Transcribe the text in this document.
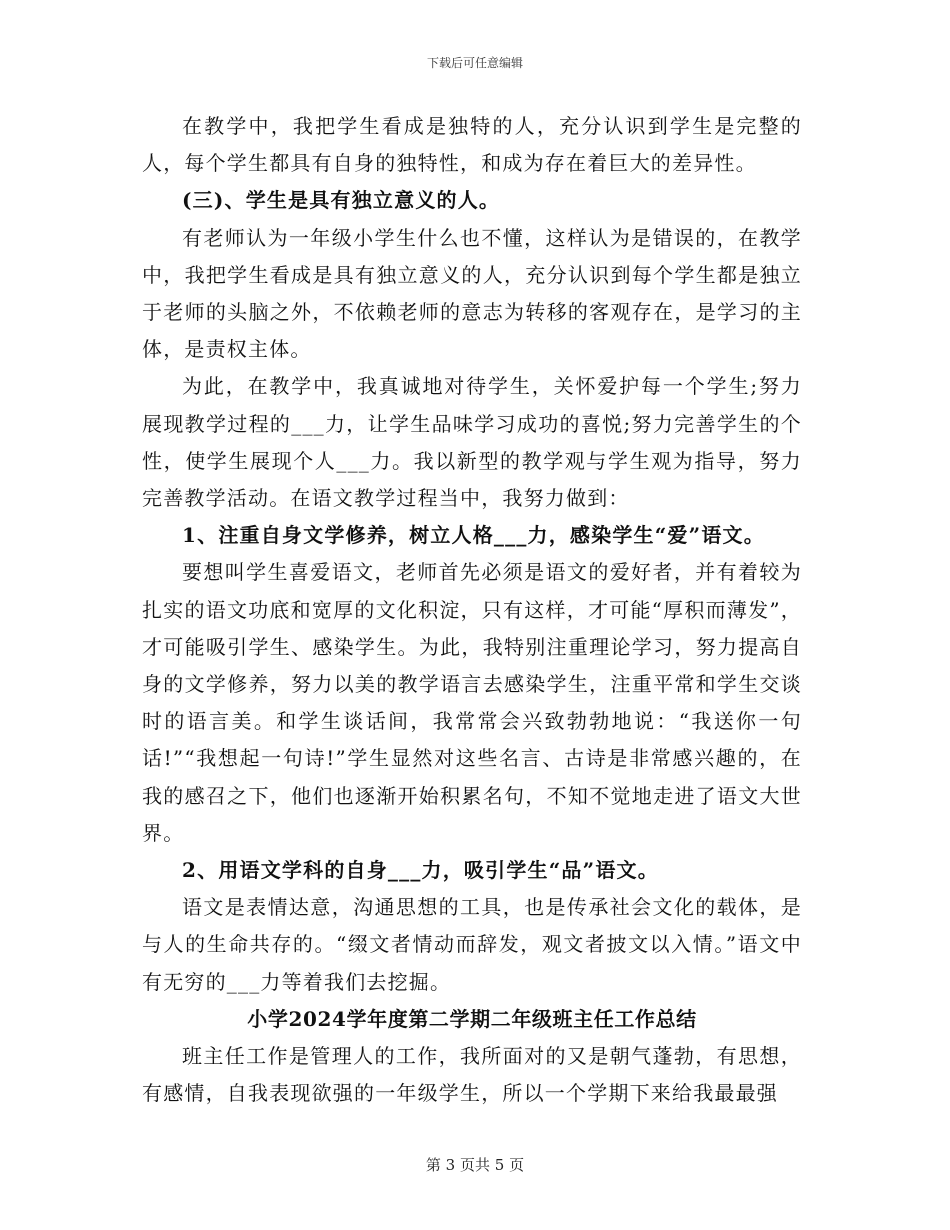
下载后可任意编辑

在教学中，我把学生看成是独特的人，充分认识到学生是完整的人，每个学生都具有自身的独特性，和成为存在着巨大的差异性。

(三)、学生是具有独立意义的人。

有老师认为一年级小学生什么也不懂，这样认为是错误的，在教学中，我把学生看成是具有独立意义的人，充分认识到每个学生都是独立于老师的头脑之外，不依赖老师的意志为转移的客观存在，是学习的主体，是责权主体。

为此，在教学中，我真诚地对待学生，关怀爱护每一个学生;努力展现教学过程的___力，让学生品味学习成功的喜悦;努力完善学生的个性，使学生展现个人___力。我以新型的教学观与学生观为指导，努力完善教学活动。在语文教学过程当中，我努力做到：

1、注重自身文学修养，树立人格___力，感染学生“爱”语文。

要想叫学生喜爱语文，老师首先必须是语文的爱好者，并有着较为扎实的语文功底和宽厚的文化积淀，只有这样，才可能“厚积而薄发”，才可能吸引学生、感染学生。为此，我特别注重理论学习，努力提高自身的文学修养，努力以美的教学语言去感染学生，注重平常和学生交谈时的语言美。和学生谈话间，我常常会兴致勃勃地说：“我送你一句话!”“我想起一句诗!”学生显然对这些名言、古诗是非常感兴趣的，在我的感召之下，他们也逐渐开始积累名句，不知不觉地走进了语文大世界。

2、用语文学科的自身___力，吸引学生“品”语文。

语文是表情达意，沟通思想的工具，也是传承社会文化的载体，是与人的生命共存的。“缀文者情动而辞发，观文者披文以入情。”语文中有无穷的___力等着我们去挖掘。

小学2024学年度第二学期二年级班主任工作总结

班主任工作是管理人的工作，我所面对的又是朝气蓬勃，有思想，有感情，自我表现欲强的一年级学生，所以一个学期下来给我最最强

第 3 页共 5 页
